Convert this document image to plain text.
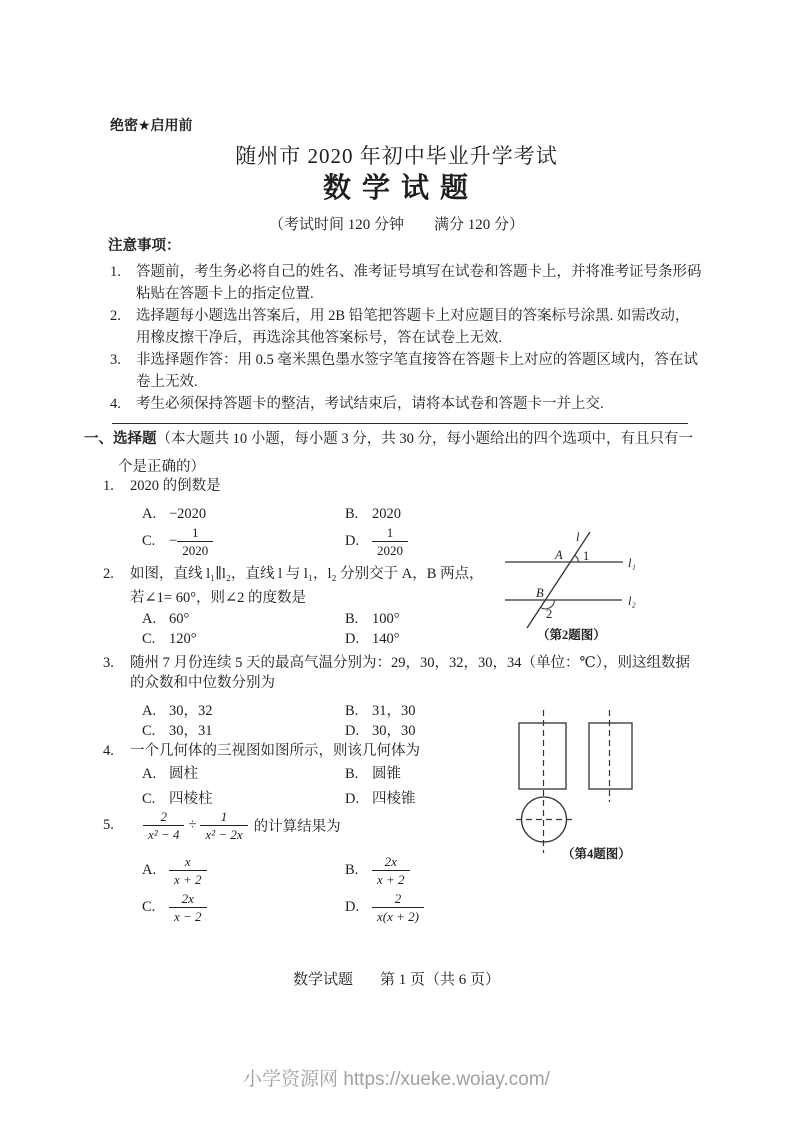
绝密★启用前
随州市 2020 年初中毕业升学考试
数 学 试 题
（考试时间 120 分钟　　满分 120 分）
注意事项：
1. 答题前，考生务必将自己的姓名、准考证号填写在试卷和答题卡上，并将准考证号条形码
粘贴在答题卡上的指定位置.
2. 选择题每小题选出答案后，用 2B 铅笔把答题卡上对应题目的答案标号涂黑. 如需改动，
用橡皮擦干净后，再选涂其他答案标号，答在试卷上无效.
3. 非选择题作答：用 0.5 毫米黑色墨水签字笔直接答在答题卡上对应的答题区域内，答在试
卷上无效.
4. 考生必须保持答题卡的整洁，考试结束后，请将本试卷和答题卡一并上交.
一、选择题（本大题共 10 小题，每小题 3 分，共 30 分，每小题给出的四个选项中，有且只有一
个是正确的）
1. 2020 的倒数是
A. −2020	B. 2020
C. − $\frac{1}{2020}$	D. $\frac{1}{2020}$
2. 如图，直线 l₁∥l₂，直线 l 与 l₁，l₂ 分别交于 A，B 两点，
若∠1= 60°，则∠2 的度数是
A. 60°	B. 100°
C. 120°	D. 140°
l
l₁
l₂
A 1
B
2
（第2题图）
3. 随州 7 月份连续 5 天的最高气温分别为：29，30，32，30，34（单位：℃），则这组数据
的众数和中位数分别为
A. 30，32	B. 31，30
C. 30，31	D. 30，30
4. 一个几何体的三视图如图所示，则该几何体为
A. 圆柱	B. 圆锥
C. 四棱柱	D. 四棱锥
（第4题图）
5.	$\frac{2}{\text{x² − 4}} \div \frac{1}{\text{x² − 2x}}$ 的计算结果为
A. $\frac{x}{x + 2}$	B.	$\frac{2x}{x + 2}$
C.	$\frac{2x}{x - 2}$	D. $\frac{2}{x(x + 2)}$
数学试题 第 1 页（共 6 页）
小学资源网 https://xueke.woiay.com/
